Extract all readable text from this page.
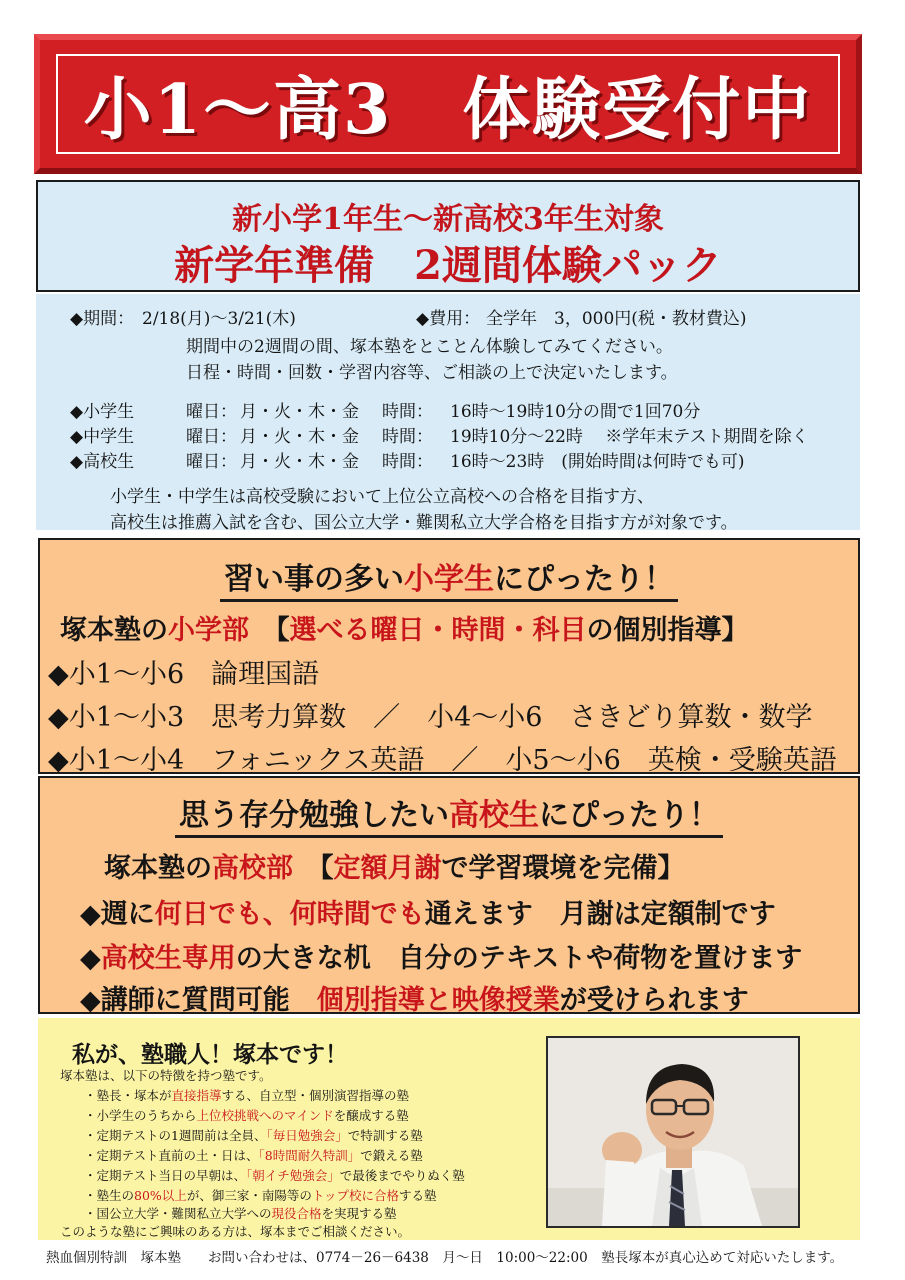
小1～高3　体験受付中
新小学1年生～新高校3年生対象
新学年準備　2週間体験パック
◆期間： 2/18(月)～3/21(木)	◆費用： 全学年　3，000円(税・教材費込)
期間中の2週間の間、塚本塾をとことん体験してみてください。
日程・時間・回数・学習内容等、ご相談の上で決定いたします。
◆小学生	曜日： 月・火・木・金 時間： 16時～19時10分の間で1回70分
◆中学生	曜日： 月・火・木・金 時間： 19時10分～22時　 ※学年末テスト期間を除く
◆高校生	曜日： 月・火・木・金 時間： 16時～23時　(開始時間は何時でも可)
小学生・中学生は高校受験において上位公立高校への合格を目指す方、
高校生は推薦入試を含む、国公立大学・難関私立大学合格を目指す方が対象です。
習い事の多い小学生にぴったり！
塚本塾の小学部　【選べる曜日・時間・科目の個別指導】
◆小1～小6　論理国語
◆小1～小3　思考力算数　／　小4～小6　さきどり算数・数学
◆小1～小4　フォニックス英語　／　小5～小6　英検・受験英語
思う存分勉強したい高校生にぴったり！
塚本塾の高校部　【定額月謝で学習環境を完備】
◆週に何日でも、何時間でも通えます　月謝は定額制です
◆高校生専用の大きな机　自分のテキストや荷物を置けます
◆講師に質問可能　個別指導と映像授業が受けられます
私が、塾職人！塚本です！
塚本塾は、以下の特徴を持つ塾です。
・塾長・塚本が直接指導する、自立型・個別演習指導の塾
・小学生のうちから上位校挑戦へのマインドを醸成する塾
・定期テストの1週間前は全員、「毎日勉強会」で特訓する塾
・定期テスト直前の土・日は、「8時間耐久特訓」で鍛える塾
・定期テスト当日の早朝は、「朝イチ勉強会」で最後までやりぬく塾
・塾生の80%以上が、御三家・南陽等のトップ校に合格する塾
・国公立大学・難関私立大学への現役合格を実現する塾
このような塾にご興味のある方は、塚本までご相談ください。
熱血個別特訓　塚本塾　　お問い合わせは、0774－26－6438　月～日　10:00～22:00　塾長塚本が真心込めて対応いたします。
